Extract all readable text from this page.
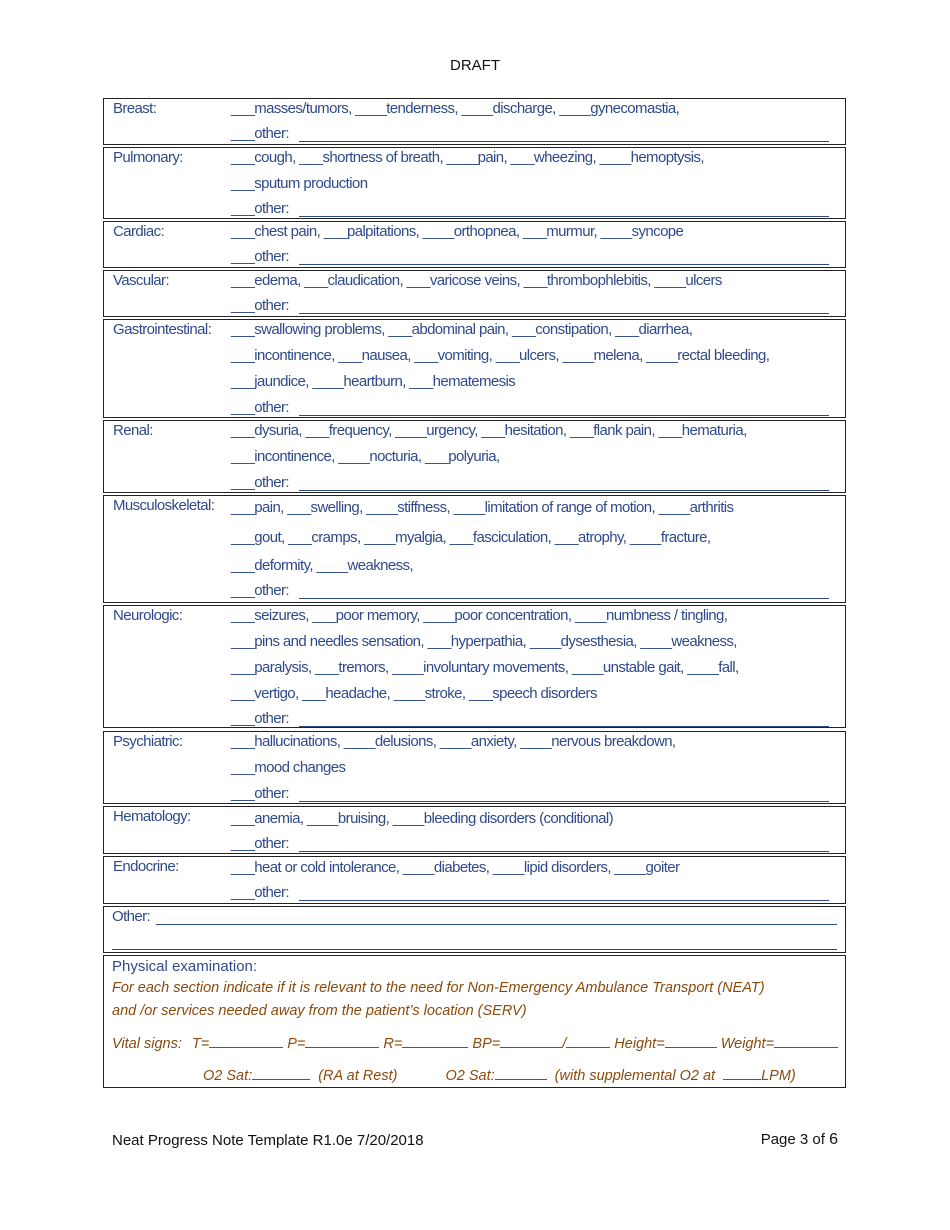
DRAFT
Breast:	___masses/tumors, ____tenderness, ____discharge, ____gynecomastia,
___other:
Pulmonary:	___cough, ___shortness of breath, ____pain, ___wheezing, ____hemoptysis,
___sputum production
___other:
Cardiac:	___chest pain, ___palpitations, ____orthopnea, ___murmur, ____syncope
___other:
Vascular:	___edema, ___claudication, ___varicose veins, ___thrombophlebitis, ____ulcers
___other:
Gastrointestinal: ___swallowing problems, ___abdominal pain, ___constipation, ___diarrhea,
___incontinence, ___nausea, ___vomiting, ___ulcers, ____melena, ____rectal bleeding,
___jaundice, ____heartburn, ___hematemesis
___other:
Renal:	___dysuria, ___frequency, ____urgency, ___hesitation, ___flank pain, ___hematuria,
___incontinence, ____nocturia, ___polyuria,
___other:
Musculoskeletal: ___pain, ___swelling, ____stiffness, ____limitation of range of motion, ____arthritis
___gout, ___cramps, ____myalgia, ___fasciculation, ___atrophy, ____fracture,
___deformity, ____weakness,
___other:
Neurologic:	___seizures, ___poor memory, ____poor concentration, ____numbness / tingling,
___pins and needles sensation, ___hyperpathia, ____dysesthesia, ____weakness,
___paralysis, ___tremors, ____involuntary movements, ____unstable gait, ____fall,
___vertigo, ___headache, ____stroke, ___speech disorders
___other:
Psychiatric:	___hallucinations, ____delusions, ____anxiety, ____nervous breakdown,
___mood changes
___other:
Hematology:	___anemia, ____bruising, ____bleeding disorders (conditional)
___other:
Endocrine:	___heat or cold intolerance, ____diabetes, ____lipid disorders, ____goiter
___other:
Other:
Physical examination:
For each section indicate if it is relevant to the need for Non-Emergency Ambulance Transport (NEAT)
and /or services needed away from the patient’s location (SERV)
Vital signs: T=	P=	R=	BP=	/	Height=	Weight=
O2 Sat:	(RA at Rest)	O2 Sat:	(with supplemental O2 at	LPM)
Neat Progress Note Template R1.0e 7/20/2018	Page 3 of 6
